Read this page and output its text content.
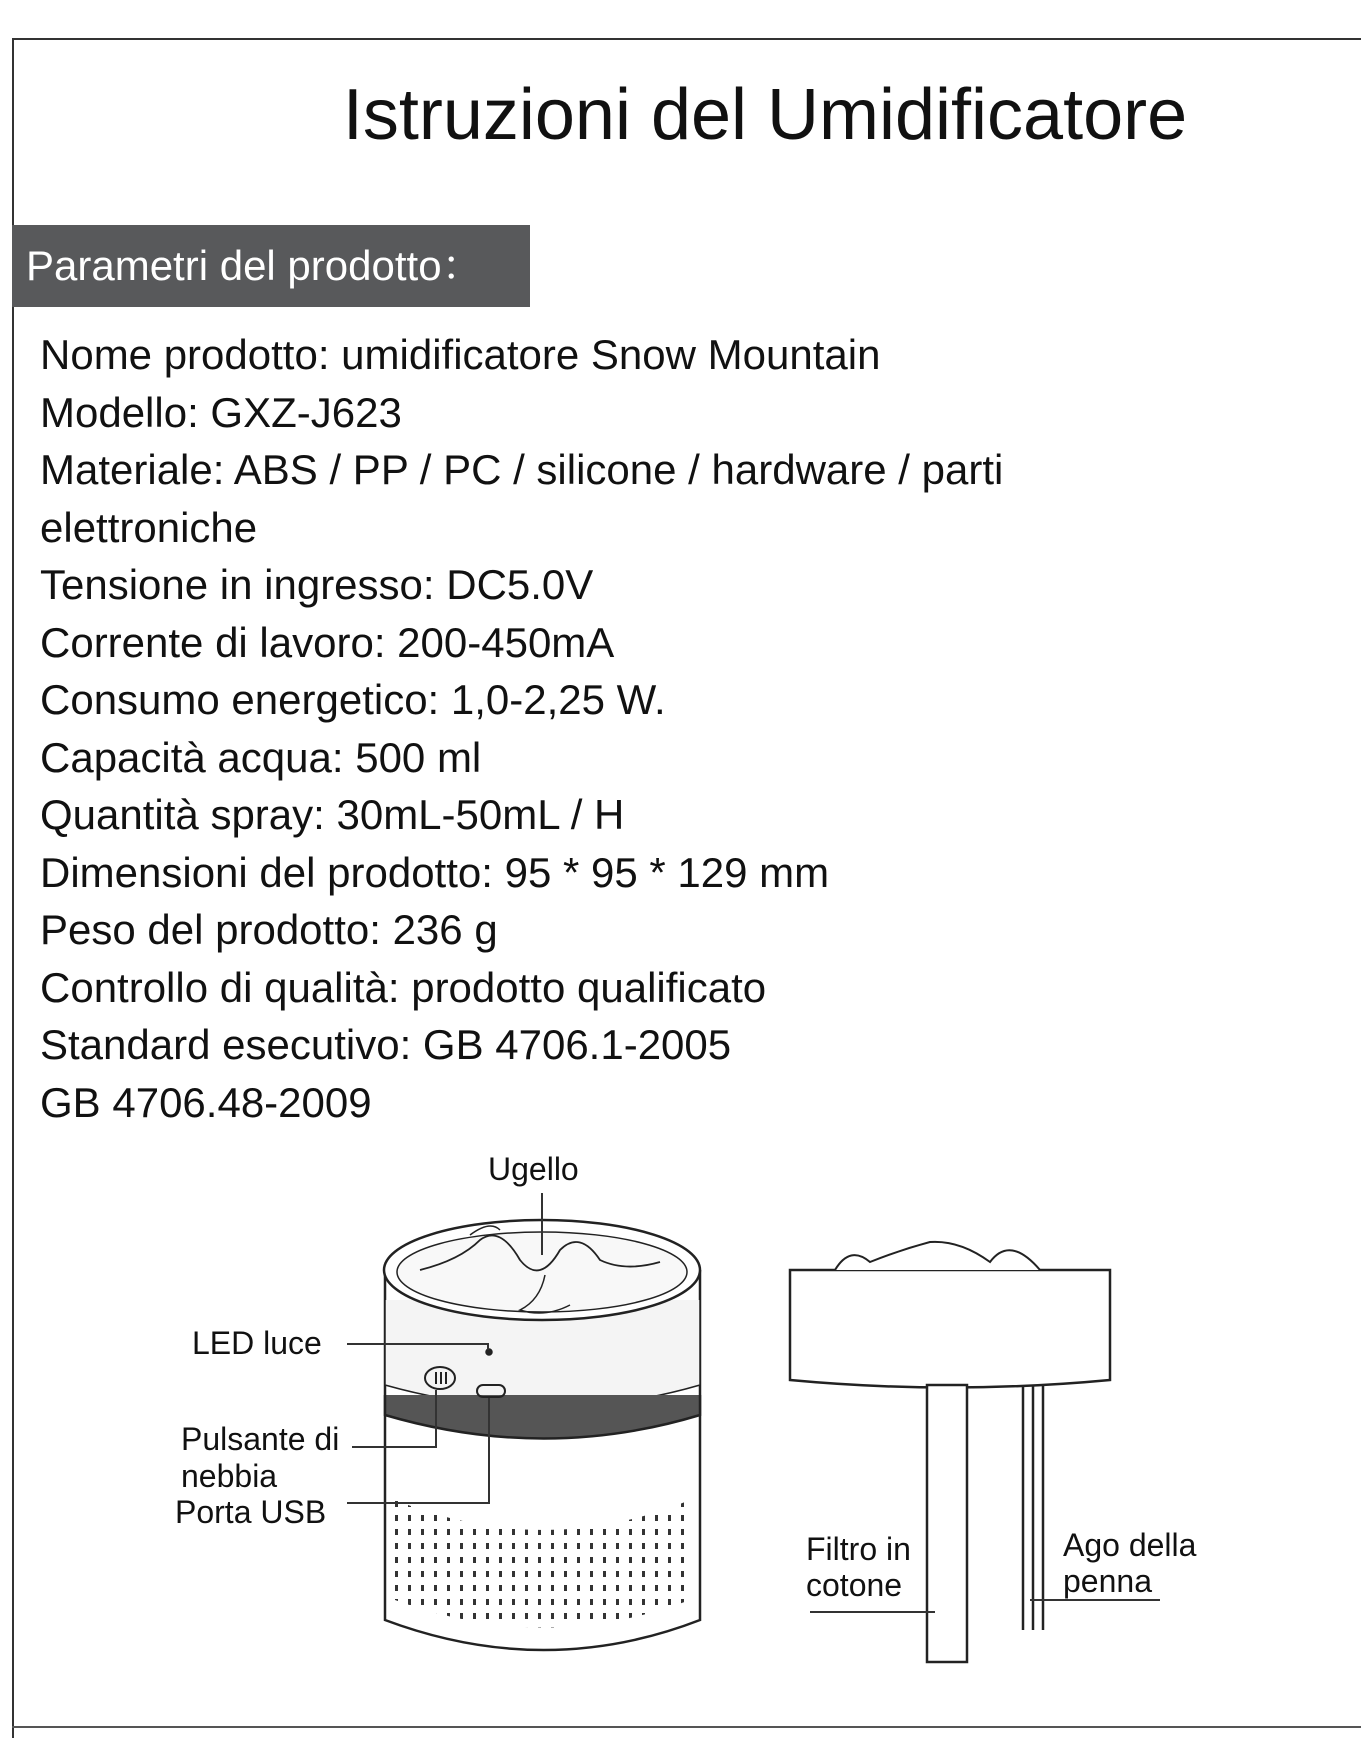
Istruzioni del Umidificatore
Parametri del prodotto：
Nome prodotto: umidificatore Snow Mountain
Modello: GXZ-J623
Materiale: ABS / PP / PC / silicone / hardware / parti
elettroniche
Tensione in ingresso: DC5.0V
Corrente di lavoro: 200-450mA
Consumo energetico: 1,0-2,25 W.
Capacità acqua: 500 ml
Quantità spray: 30mL-50mL / H
Dimensioni del prodotto: 95 * 95 * 129 mm
Peso del prodotto: 236 g
Controllo di qualità: prodotto qualificato
Standard esecutivo: GB 4706.1-2005
GB 4706.48-2009
Ugello
LED luce
Pulsante di
nebbia
Porta USB
Filtro in
cotone
Ago della
penna
